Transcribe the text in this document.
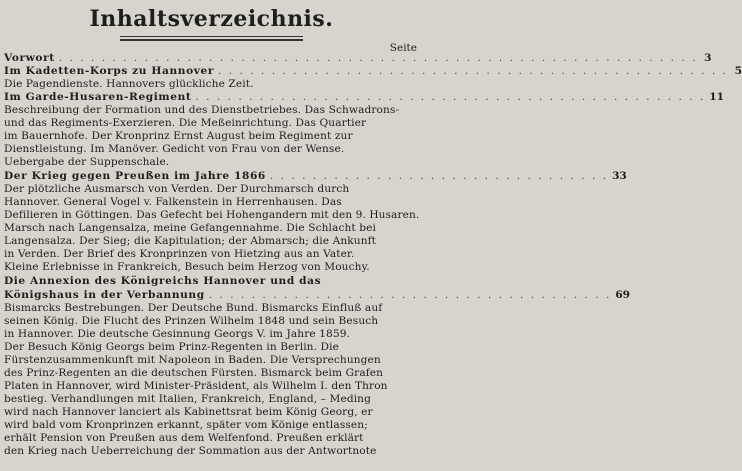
Inhaltsverzeichnis.
Seite
Vorwort . . . . . . . . . . . . . . . . . . . . . . . . . . . . . . . . . . . . . . . . . . . . . . . . . . . . . . . . . . . . 3
Im Kadetten-Korps zu Hannover . . . . . . . . . . . . . . . . . . . . . . . . . . . . . . . . . . . . . . . . . . . . . . . . 5
Die Pagendienste. Hannovers glückliche Zeit.
Im Garde-Husaren-Regiment . . . . . . . . . . . . . . . . . . . . . . . . . . . . . . . . . . . . . . . . . . . . . . . . 11
Beschreibung der Formation und des Dienstbetriebes. Das Schwadrons-
und das Regiments-Exerzieren. Die Meßeinrichtung. Das Quartier
im Bauernhofe. Der Kronprinz Ernst August beim Regiment zur
Dienstleistung. Im Manöver. Gedicht von Frau von der Wense.
Uebergabe der Suppenschale.
Der Krieg gegen Preußen im Jahre 1866 . . . . . . . . . . . . . . . . . . . . . . . . . . . . . . . . 33
Der plötzliche Ausmarsch von Verden. Der Durchmarsch durch
Hannover. General Vogel v. Falkenstein in Herrenhausen. Das
Defilieren in Göttingen. Das Gefecht bei Hohengandern mit den 9. Husaren.
Marsch nach Langensalza, meine Gefangennahme. Die Schlacht bei
Langensalza. Der Sieg; die Kapitulation; der Abmarsch; die Ankunft
in Verden. Der Brief des Kronprinzen von Hietzing aus an Vater.
Kleine Erlebnisse in Frankreich, Besuch beim Herzog von Mouchy.
Die Annexion des Königreichs Hannover und das
Königshaus in der Verbannung . . . . . . . . . . . . . . . . . . . . . . . . . . . . . . . . . . . . . . 69
Bismarcks Bestrebungen. Der Deutsche Bund. Bismarcks Einfluß auf
seinen König. Die Flucht des Prinzen Wilhelm 1848 und sein Besuch
in Hannover. Die deutsche Gesinnung Georgs V. im Jahre 1859.
Der Besuch König Georgs beim Prinz-Regenten in Berlin. Die
Fürstenzusammenkunft mit Napoleon in Baden. Die Versprechungen
des Prinz-Regenten an die deutschen Fürsten. Bismarck beim Grafen
Platen in Hannover, wird Minister-Präsident, als Wilhelm I. den Thron
bestieg. Verhandlungen mit Italien, Frankreich, England, – Meding
wird nach Hannover lanciert als Kabinettsrat beim König Georg, er
wird bald vom Kronprinzen erkannt, später vom Könige entlassen;
erhält Pension von Preußen aus dem Welfenfond. Preußen erklärt
den Krieg nach Ueberreichung der Sommation aus der Antwortnote
